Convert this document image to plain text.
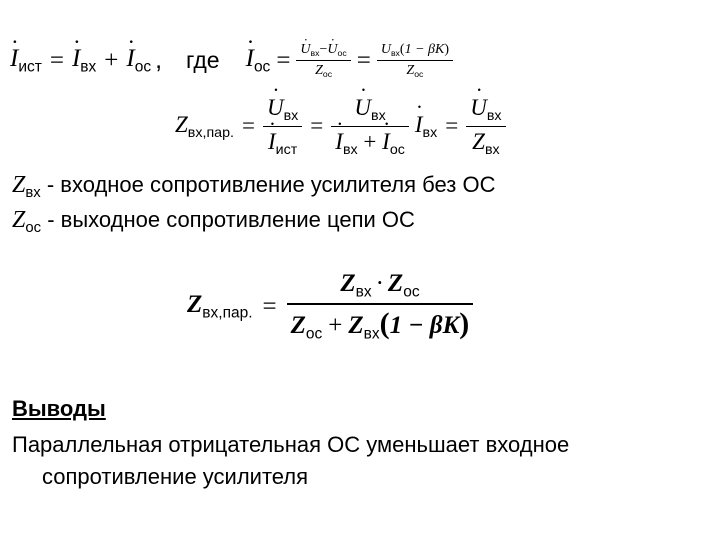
· $I_{ист}$ =
· $I_{вх}$ +
· $I_{ос}$ , где
· $I_{ос}$ =
· $\frac{U_{вх}-\cdot U_{ос}}{Z_{ос}} = \frac{U_{вх}(1 - \beta K)}{Z_{ос}}$
$Z_{вх,пар.}$ =
· $U_{вх}$
· $I_{ист}$ =
· $U_{вх}$
· $I_{вх}$ + · $I_{ос}$
· $I_{вх}$ =
· $\frac{U_{вх}}{Z_{вх}}$
$Z_{вх}$ - входное сопротивление усилителя без ОС
$Z_{ос}$ - выходное сопротивление цепи ОС
$Z_{вх,пар.} = \frac{Z_{вх} \cdot Z_{ос}}{Z_{ос} + Z_{вх}(1 - \beta K)}$
Выводы
Параллельная отрицательная ОС уменьшает входное
сопротивление усилителя
